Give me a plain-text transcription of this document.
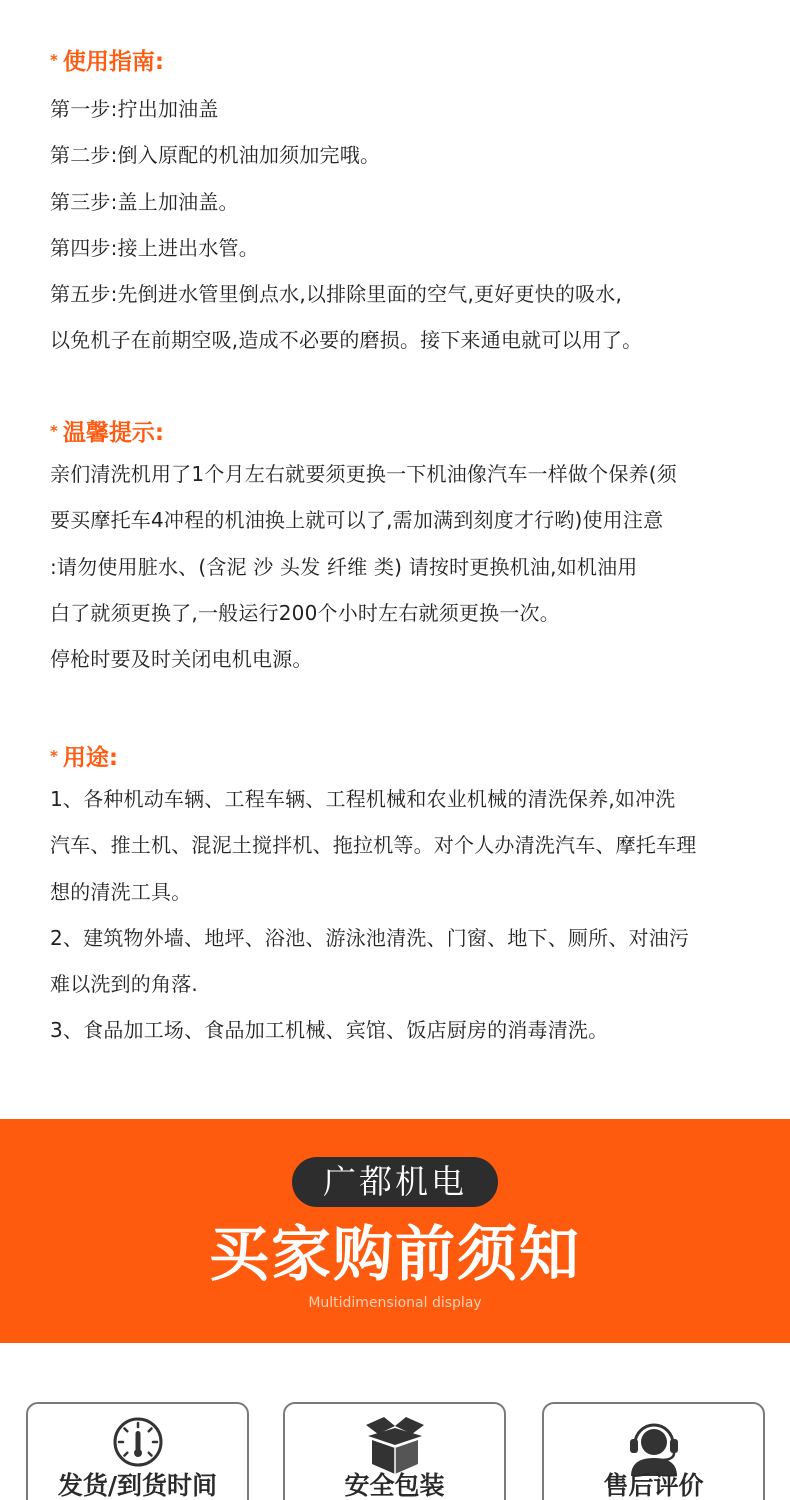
* 使用指南:
第一步:拧出加油盖
第二步:倒入原配的机油加须加完哦。
第三步:盖上加油盖。
第四步:接上进出水管。
第五步:先倒进水管里倒点水,以排除里面的空气,更好更快的吸水,
以免机子在前期空吸,造成不必要的磨损。接下来通电就可以用了。
* 温馨提示:
亲们清洗机用了1个月左右就要须更换一下机油像汽车一样做个保养(须
要买摩托车4冲程的机油换上就可以了,需加满到刻度才行哟)使用注意
:请勿使用脏水、(含泥 沙 头发 纤维 类) 请按时更换机油,如机油用
白了就须更换了,一般运行200个小时左右就须更换一次。
停枪时要及时关闭电机电源。
* 用途:
1、各种机动车辆、工程车辆、工程机械和农业机械的清洗保养,如冲洗
汽车、推土机、混泥土搅拌机、拖拉机等。对个人办清洗汽车、摩托车理
想的清洗工具。
2、建筑物外墙、地坪、浴池、游泳池清洗、门窗、地下、厕所、对油污
难以洗到的角落.
3、食品加工场、食品加工机械、宾馆、饭店厨房的消毒清洗。
广都机电
买家购前须知
Multidimensional display
发货/到货时间	安全包装	售后评价
